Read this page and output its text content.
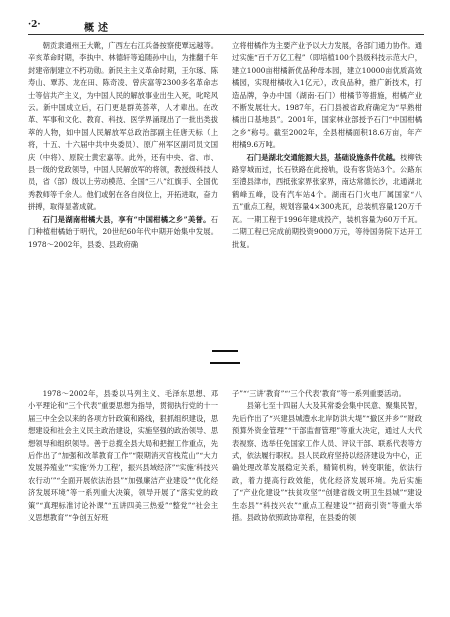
·2·	概述

朝贡隶通州王大靴，广西左右江兵备按察使覃远越等。辛亥革命时期，李执中、林德轩等追随孙中山，为推翻千年封建帝制建立不朽功勋。新民主主义革命时期，王尔琢、陈寿山、覃苏、龙在田、陈奇凌、曾庆富等2300多名革命志士等信共产主义，为中国人民的解放事业出生入死，叱咤风云。新中国成立后，石门更是群英荟萃，人才辈出。在改革、军事和文化、教育、科技、医学界涌现出了一批出类拔萃的人物，如中国人民解放军总政治部副主任唐天标（上将，十五、十六届中共中央委员）、原广州军区副司员文国庆（中将）、原院士黄宏嘉等。此外，还有中央、省、市、县一级的党政领导，中国人民解放军的将领，教授级科技人员，省（部）级以上劳动模范、全国“三八”红旗手、全国优秀教师等千余人。他们或躬在各自岗位上，开拓进取，奋力拼搏，取得显著成就。

石门是湖南柑橘大县，享有“中国柑橘之乡”美誉。石门种植柑橘始于明代，20世纪60年代中期开始集中发展。1978～2002年，县委、县政府确

立将柑橘作为主要产业予以大力发展，各部门通力协作。通过实施“百千万亿工程”（即培植100个县级科技示范大户，建立1000亩柑橘新优品种母本园，建立10000亩优质高效橘园，实现柑橘收入1亿元），改良品种，推广新技术，打造品牌，争办中国（湖南·石门）柑橘节等措施，柑橘产业不断发展壮大。1987年，石门县被省政府确定为“早熟柑橘出口基地县”。2001年，国家林业部授予石门“中国柑橘之乡”称号。截至2002年，全县柑橘面积18.6万亩，年产柑橘9.6万吨。

石门是湖北交通能源大县，基础设施条件优越。枝柳铁路穿城而过，长石铁路在此接轨，设有客货站3个。公路东至澧县津市，西抵张家界张家界，南达常德长沙，北通湖北鹤峰五峰，设有汽车站4个。湖南石门火电厂属国家“八五”重点工程，规划容量4×300兆瓦，总装机容量120万千瓦。一期工程于1996年建成投产，装机容量为60万千瓦。二期工程已完成前期投资9000万元，等待国务院下达开工批复。

1978～2002年，县委以马列主义、毛泽东思想、邓小平理论和“三个代表”重要思想为指导，贯彻执行党的十一届三中全会以来的各项方针政策和路线，狠抓组织建设，思想建设和社会主义民主政治建设，实施坚强的政治领导、思想领导和组织领导。善于总揽全县大局和把握工作重点，先后作出了“加强和改革教育工作”“限期消灭官栈荒山”“大力发展养殖业”“实施‘外力工程’，振兴县域经济”“实施‘科技兴农行动’”“全面开展依法治县”“加强廉洁产业建设”“优化经济发展环境”等一系列重大决策，领导开展了“落实党的政策”“真理标准讨论补课”“五讲四美三热爱”“整党”“社会主义思想教育”“争创五好班

子”“‘三讲’教育”“‘三个代表’教育”等一系列重要活动。

县第七至十四届人大及其常委会集中民意、聚集民智，先后作出了“兴建县城澧水北岸防洪大堤”“撤区并乡”“财政预算外资金管理”“干部监督管理”等重大决定，通过人大代表视察、选举任免国家工作人员、评议干部、联系代表等方式，依法履行职权。县人民政府坚持以经济建设为中心，正确处理改革发展稳定关系，精简机构，转变职能，依法行政，着力提高行政效能，优化经济发展环境。先后实施了“产业化建设”“扶贫攻坚”“创建省级文明卫生县城”“建设生态县”“科技兴农”“重点工程建设”“招商引资”等重大举措。县政协依照政协章程，在县委的领
